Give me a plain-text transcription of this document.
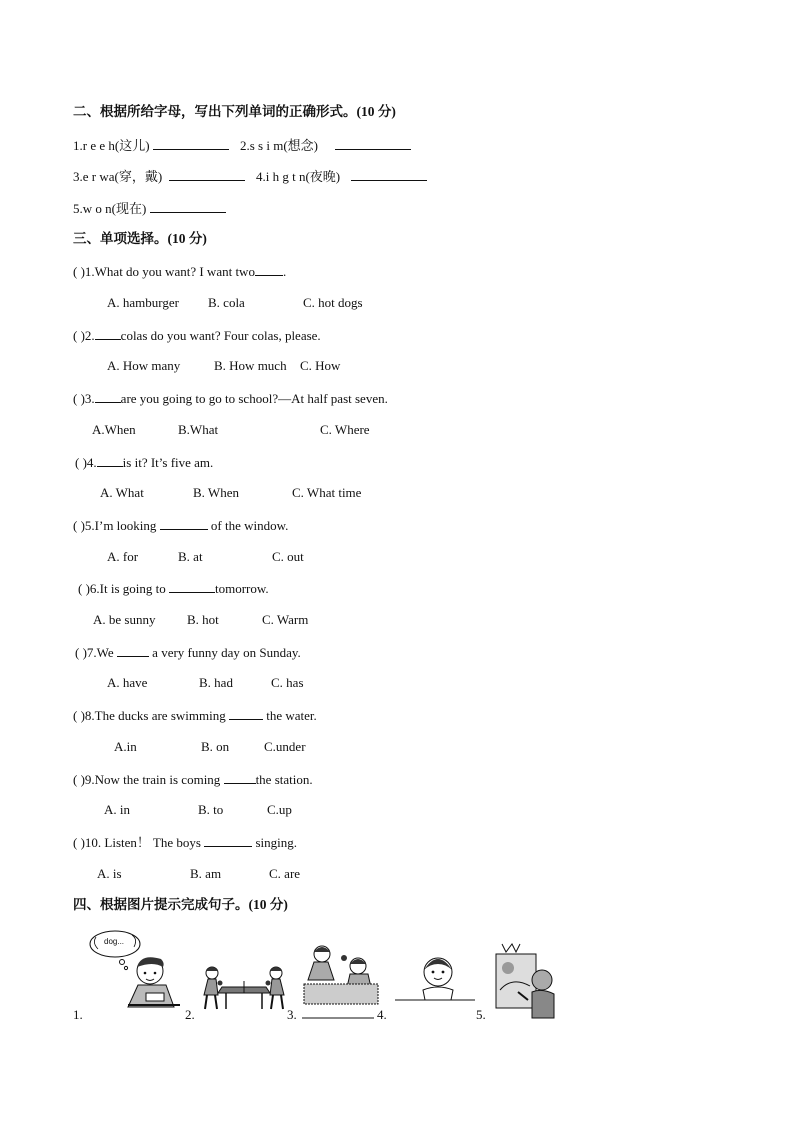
二、根据所给字母，写出下列单词的正确形式。(10 分)
1.r e e h(这儿)	2.s s i m(想念)
3.e r wa(穿，戴)	4.i h g t n(夜晚)
5.w o n(现在)
三、单项选择。(10 分)
( )1.What do you want? I want two .
A. hamburger B. cola	C. hot dogs
( )2. colas do you want? Four colas, please.
A. How many	B. How much C. How
( )3. are you going to go to school?—At half past seven.
A.When	B.What	C. Where
( )4. is it? It’s five am.
A. What	B. When	C. What time
( )5.I’m looking	of the window.
A. for	B. at	C. out
( )6.It is going to	tomorrow.
A. be sunny B. hot	C. Warm
( )7.We	a very funny day on Sunday.
A. have	B. had	C. has
( )8.The ducks are swimming	the water.
A.in	B. on	C.under
( )9.Now the train is coming	the station.
A. in	B. to	C.up
( )10. Listen！ The boys	singing.
A. is	B. am	C. are
四、根据图片提示完成句子。(10 分)
1.	2.	3.	4.	5.
dog...
